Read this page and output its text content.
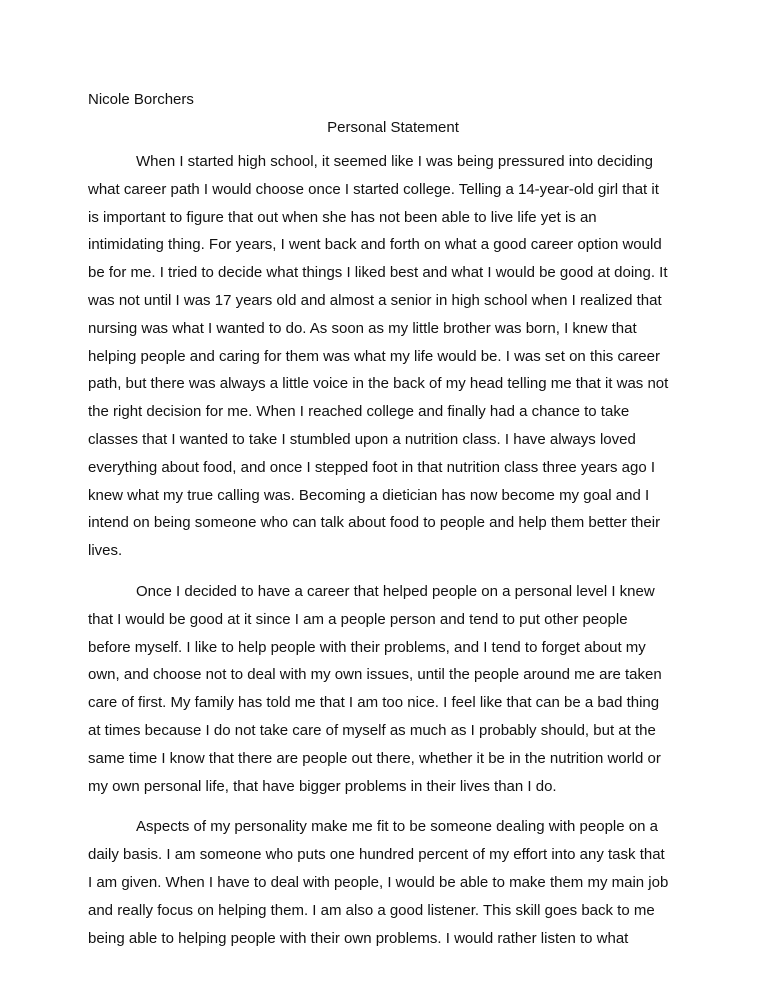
Nicole Borchers
Personal Statement
When I started high school, it seemed like I was being pressured into deciding
what career path I would choose once I started college. Telling a 14-year-old girl that it
is important to figure that out when she has not been able to live life yet is an
intimidating thing. For years, I went back and forth on what a good career option would
be for me. I tried to decide what things I liked best and what I would be good at doing. It
was not until I was 17 years old and almost a senior in high school when I realized that
nursing was what I wanted to do. As soon as my little brother was born, I knew that
helping people and caring for them was what my life would be. I was set on this career
path, but there was always a little voice in the back of my head telling me that it was not
the right decision for me. When I reached college and finally had a chance to take
classes that I wanted to take I stumbled upon a nutrition class. I have always loved
everything about food, and once I stepped foot in that nutrition class three years ago I
knew what my true calling was. Becoming a dietician has now become my goal and I
intend on being someone who can talk about food to people and help them better their
lives.
Once I decided to have a career that helped people on a personal level I knew
that I would be good at it since I am a people person and tend to put other people
before myself. I like to help people with their problems, and I tend to forget about my
own, and choose not to deal with my own issues, until the people around me are taken
care of first. My family has told me that I am too nice. I feel like that can be a bad thing
at times because I do not take care of myself as much as I probably should, but at the
same time I know that there are people out there, whether it be in the nutrition world or
my own personal life, that have bigger problems in their lives than I do.
Aspects of my personality make me fit to be someone dealing with people on a
daily basis. I am someone who puts one hundred percent of my effort into any task that
I am given. When I have to deal with people, I would be able to make them my main job
and really focus on helping them. I am also a good listener. This skill goes back to me
being able to helping people with their own problems. I would rather listen to what
